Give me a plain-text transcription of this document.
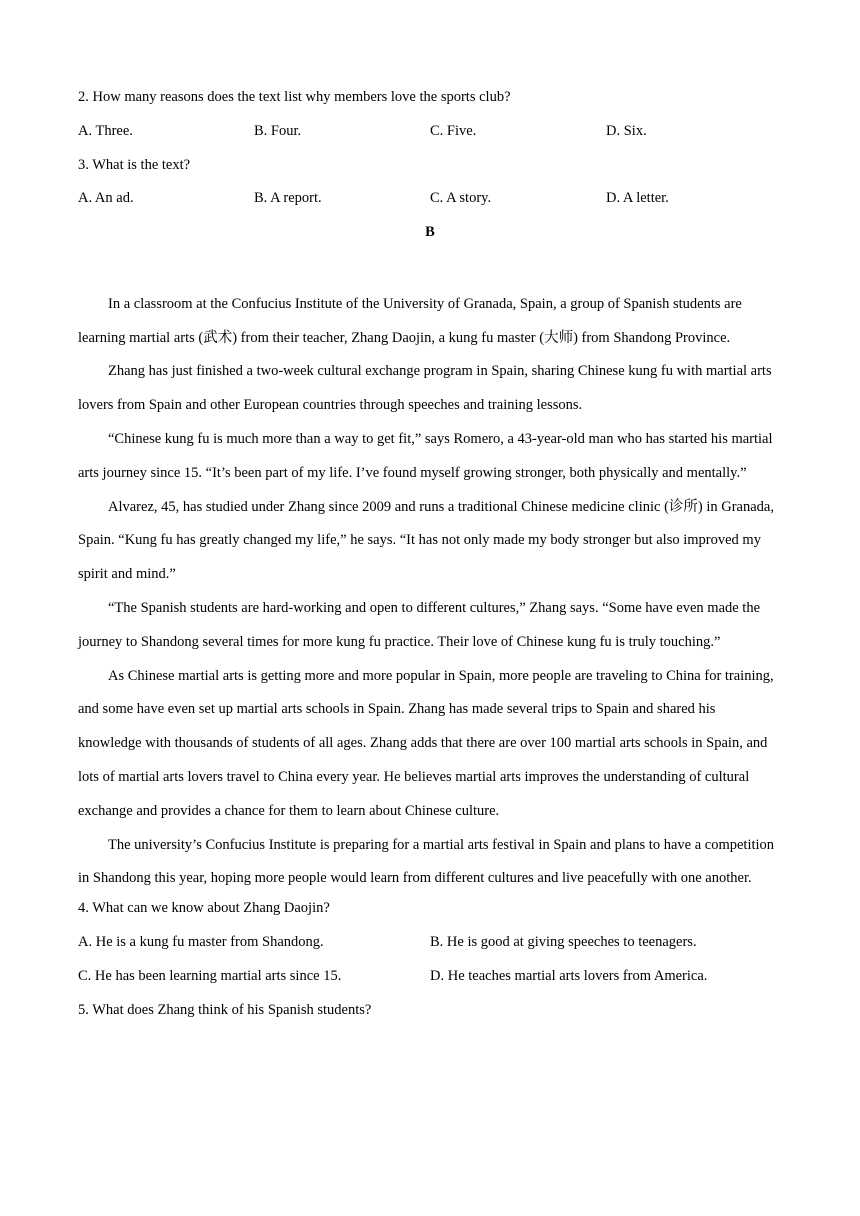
2. How many reasons does the text list why members love the sports club?
A. Three.	B. Four.	C. Five.	D. Six.
3. What is the text?
A. An ad.	B. A report.	C. A story.	D. A letter.
B

In a classroom at the Confucius Institute of the University of Granada, Spain, a group of Spanish students are learning martial arts (武术) from their teacher, Zhang Daojin, a kung fu master (大师) from Shandong Province.

Zhang has just finished a two-week cultural exchange program in Spain, sharing Chinese kung fu with martial arts lovers from Spain and other European countries through speeches and training lessons.

“Chinese kung fu is much more than a way to get fit,” says Romero, a 43-year-old man who has started his martial arts journey since 15. “It’s been part of my life. I’ve found myself growing stronger, both physically and mentally.”

Alvarez, 45, has studied under Zhang since 2009 and runs a traditional Chinese medicine clinic (诊所) in Granada, Spain. “Kung fu has greatly changed my life,” he says. “It has not only made my body stronger but also improved my spirit and mind.”

“The Spanish students are hard-working and open to different cultures,” Zhang says. “Some have even made the journey to Shandong several times for more kung fu practice. Their love of Chinese kung fu is truly touching.”

As Chinese martial arts is getting more and more popular in Spain, more people are traveling to China for training, and some have even set up martial arts schools in Spain. Zhang has made several trips to Spain and shared his knowledge with thousands of students of all ages. Zhang adds that there are over 100 martial arts schools in Spain, and lots of martial arts lovers travel to China every year. He believes martial arts improves the understanding of cultural exchange and provides a chance for them to learn about Chinese culture.

The university’s Confucius Institute is preparing for a martial arts festival in Spain and plans to have a competition in Shandong this year, hoping more people would learn from different cultures and live peacefully with one another.

4. What can we know about Zhang Daojin?
A. He is a kung fu master from Shandong.	B. He is good at giving speeches to teenagers.
C. He has been learning martial arts since 15.	D. He teaches martial arts lovers from America.
5. What does Zhang think of his Spanish students?
